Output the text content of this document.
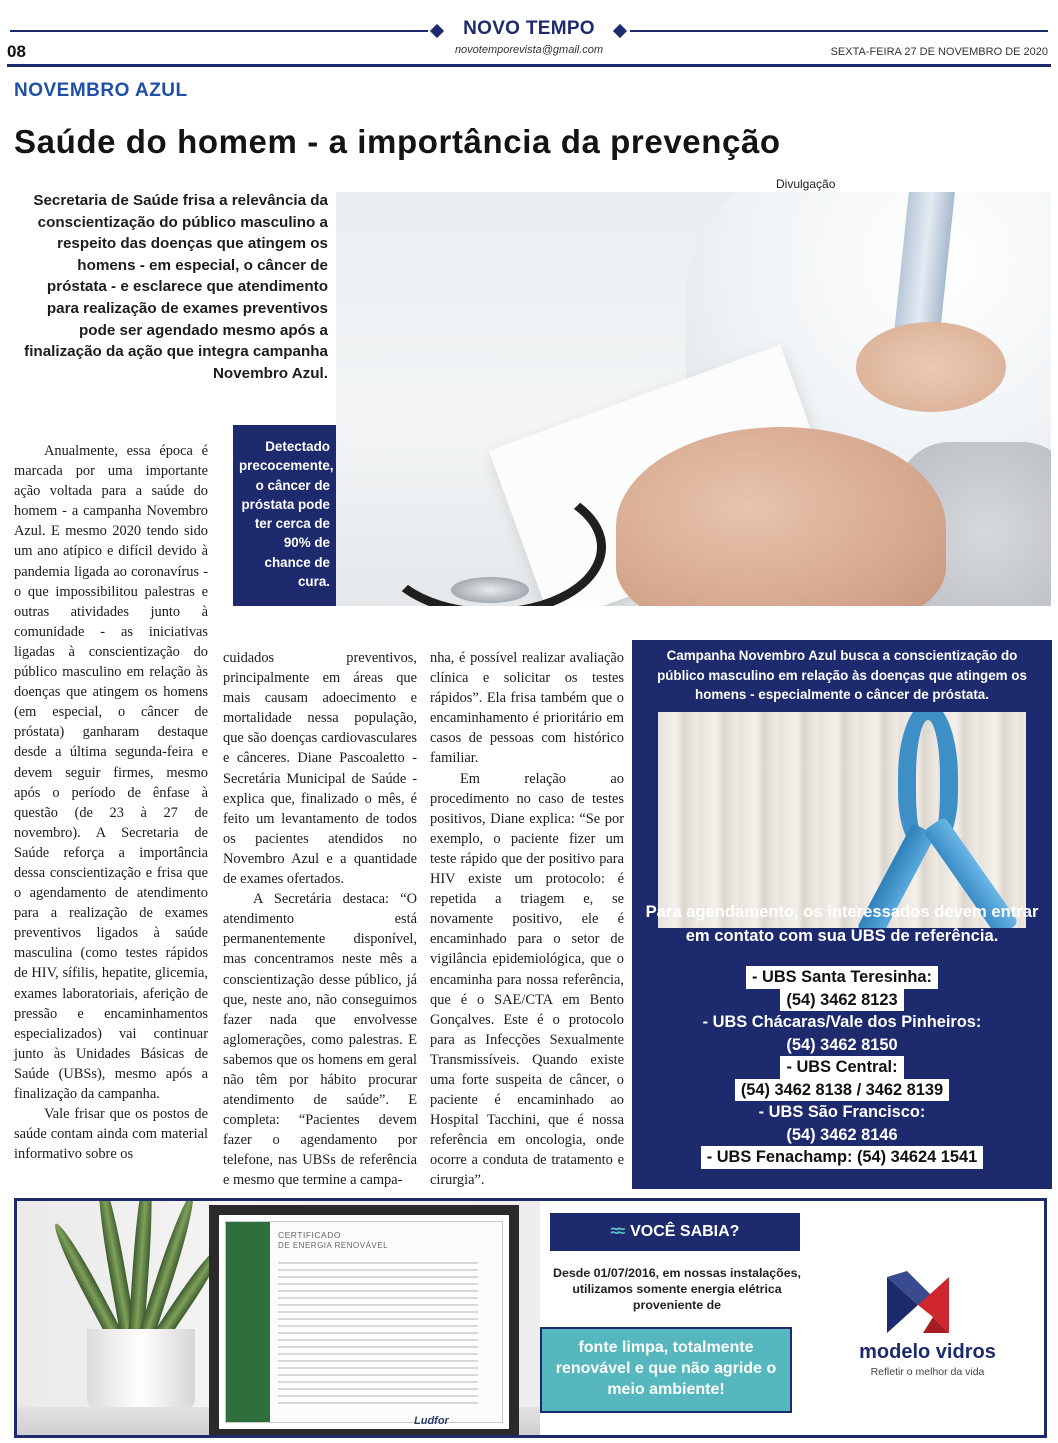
NOVO TEMPO
novotemporevista@gmail.com
08	SEXTA-FEIRA 27 DE NOVEMBRO DE 2020
NOVEMBRO AZUL
Saúde do homem - a importância da prevenção

Secretaria de Saúde frisa a relevância da conscientização do público masculino a respeito das doenças que atingem os homens - em especial, o câncer de próstata - e esclarece que atendimento para realização de exames preventivos pode ser agendado mesmo após a finalização da ação que integra campanha Novembro Azul.

Divulgação

Detectado precocemente, o câncer de próstata pode ter cerca de 90% de chance de cura.

Anualmente, essa época é marcada por uma importante ação voltada para a saúde do homem - a campanha Novembro Azul. E mesmo 2020 tendo sido um ano atípico e difícil devido à pandemia ligada ao coronavírus - o que impossibilitou palestras e outras atividades junto à comunidade - as iniciativas ligadas à conscientização do público masculino em relação às doenças que atingem os homens (em especial, o câncer de próstata) ganharam destaque desde a última segunda-feira e devem seguir firmes, mesmo após o período de ênfase à questão (de 23 à 27 de novembro). A Secretaria de Saúde reforça a importância dessa conscientização e frisa que o agendamento de atendimento para a realização de exames preventivos ligados à saúde masculina (como testes rápidos de HIV, sífilis, hepatite, glicemia, exames laboratoriais, aferição de pressão e encaminhamentos especializados) vai continuar junto às Unidades Básicas de Saúde (UBSs), mesmo após a finalização da campanha.

Vale frisar que os postos de saúde contam ainda com material informativo sobre os

cuidados preventivos, principalmente em áreas que mais causam adoecimento e mortalidade nessa população, que são doenças cardiovasculares e cânceres. Diane Pascoaletto - Secretária Municipal de Saúde - explica que, finalizado o mês, é feito um levantamento de todos os pacientes atendidos no Novembro Azul e a quantidade de exames ofertados.

A Secretária destaca: “O atendimento está permanentemente disponível, mas concentramos neste mês a conscientização desse público, já que, neste ano, não conseguimos fazer nada que envolvesse aglomerações, como palestras. E sabemos que os homens em geral não têm por hábito procurar atendimento de saúde”. E completa: “Pacientes devem fazer o agendamento por telefone, nas UBSs de referência e mesmo que termine a campa-

nha, é possível realizar avaliação clínica e solicitar os testes rápidos”. Ela frisa também que o encaminhamento é prioritário em casos de pessoas com histórico familiar.

Em relação ao procedimento no caso de testes positivos, Diane explica: “Se por exemplo, o paciente fizer um teste rápido que der positivo para HIV existe um protocolo: é repetida a triagem e, se novamente positivo, ele é encaminhado para o setor de vigilância epidemiológica, que o encaminha para nossa referência, que é o SAE/CTA em Bento Gonçalves. Este é o protocolo para as Infecções Sexualmente Transmissíveis. Quando existe uma forte suspeita de câncer, o paciente é encaminhado ao Hospital Tacchini, que é nossa referência em oncologia, onde ocorre a conduta de tratamento e cirurgia”.

Campanha Novembro Azul busca a conscientização do público masculino em relação às doenças que atingem os homens - especialmente o câncer de próstata.
Para agendamento, os interessados devem entrar em contato com sua UBS de referência.
- UBS Santa Teresinha:
(54) 3462 8123
- UBS Chácaras/Vale dos Pinheiros:
(54) 3462 8150
- UBS Central:
(54) 3462 8138 / 3462 8139
- UBS São Francisco:
(54) 3462 8146
- UBS Fenachamp: (54) 34624 1541
CERTIFICADO
DE ENERGIA RENOVÁVEL
Ludfor
≈≈ VOCÊ SABIA?
Desde 01/07/2016, em nossas instalações, utilizamos somente energia elétrica proveniente de
fonte limpa, totalmente renovável e que não agride o meio ambiente!
modelo vidros
Refletir o melhor da vida
